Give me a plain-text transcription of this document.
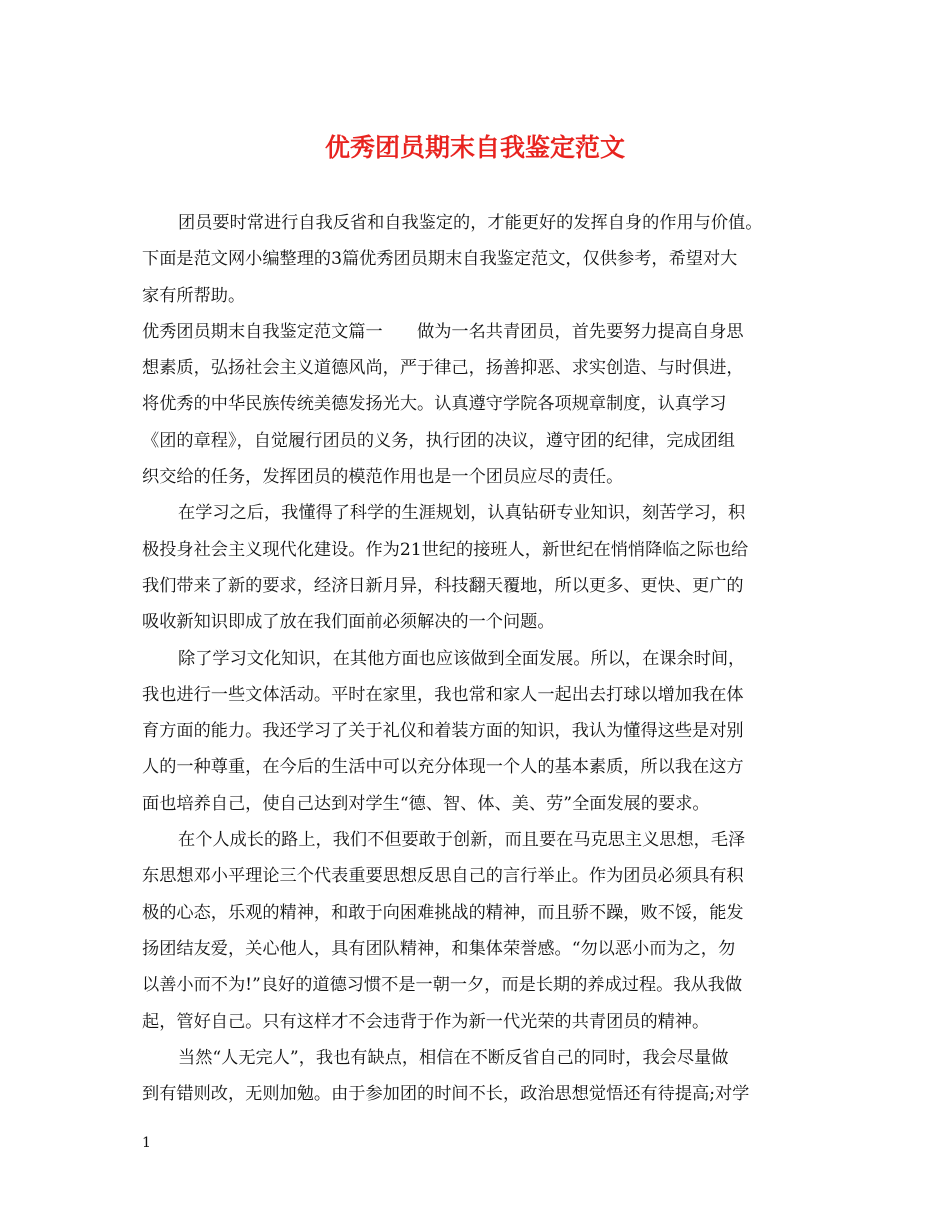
优秀团员期末自我鉴定范文

团员要时常进行自我反省和自我鉴定的，才能更好的发挥自身的作用与价值。
下面是范文网小编整理的3篇优秀团员期末自我鉴定范文，仅供参考，希望对大
家有所帮助。

优秀团员期末自我鉴定范文篇一　　做为一名共青团员，首先要努力提高自身思
想素质，弘扬社会主义道德风尚，严于律己，扬善抑恶、求实创造、与时俱进，
将优秀的中华民族传统美德发扬光大。认真遵守学院各项规章制度，认真学习
《团的章程》，自觉履行团员的义务，执行团的决议，遵守团的纪律，完成团组
织交给的任务，发挥团员的模范作用也是一个团员应尽的责任。

在学习之后，我懂得了科学的生涯规划，认真钻研专业知识，刻苦学习，积
极投身社会主义现代化建设。作为21世纪的接班人，新世纪在悄悄降临之际也给
我们带来了新的要求，经济日新月异，科技翻天覆地，所以更多、更快、更广的
吸收新知识即成了放在我们面前必须解决的一个问题。

除了学习文化知识，在其他方面也应该做到全面发展。所以，在课余时间，
我也进行一些文体活动。平时在家里，我也常和家人一起出去打球以增加我在体
育方面的能力。我还学习了关于礼仪和着装方面的知识，我认为懂得这些是对别
人的一种尊重，在今后的生活中可以充分体现一个人的基本素质，所以我在这方
面也培养自己，使自己达到对学生“德、智、体、美、劳”全面发展的要求。

在个人成长的路上，我们不但要敢于创新，而且要在马克思主义思想，毛泽
东思想邓小平理论三个代表重要思想反思自己的言行举止。作为团员必须具有积
极的心态，乐观的精神，和敢于向困难挑战的精神，而且骄不躁，败不馁，能发
扬团结友爱，关心他人，具有团队精神，和集体荣誉感。“勿以恶小而为之，勿
以善小而不为!”良好的道德习惯不是一朝一夕，而是长期的养成过程。我从我做
起，管好自己。只有这样才不会违背于作为新一代光荣的共青团员的精神。

当然“人无完人”，我也有缺点，相信在不断反省自己的同时，我会尽量做
到有错则改，无则加勉。由于参加团的时间不长，政治思想觉悟还有待提高;对学

1
